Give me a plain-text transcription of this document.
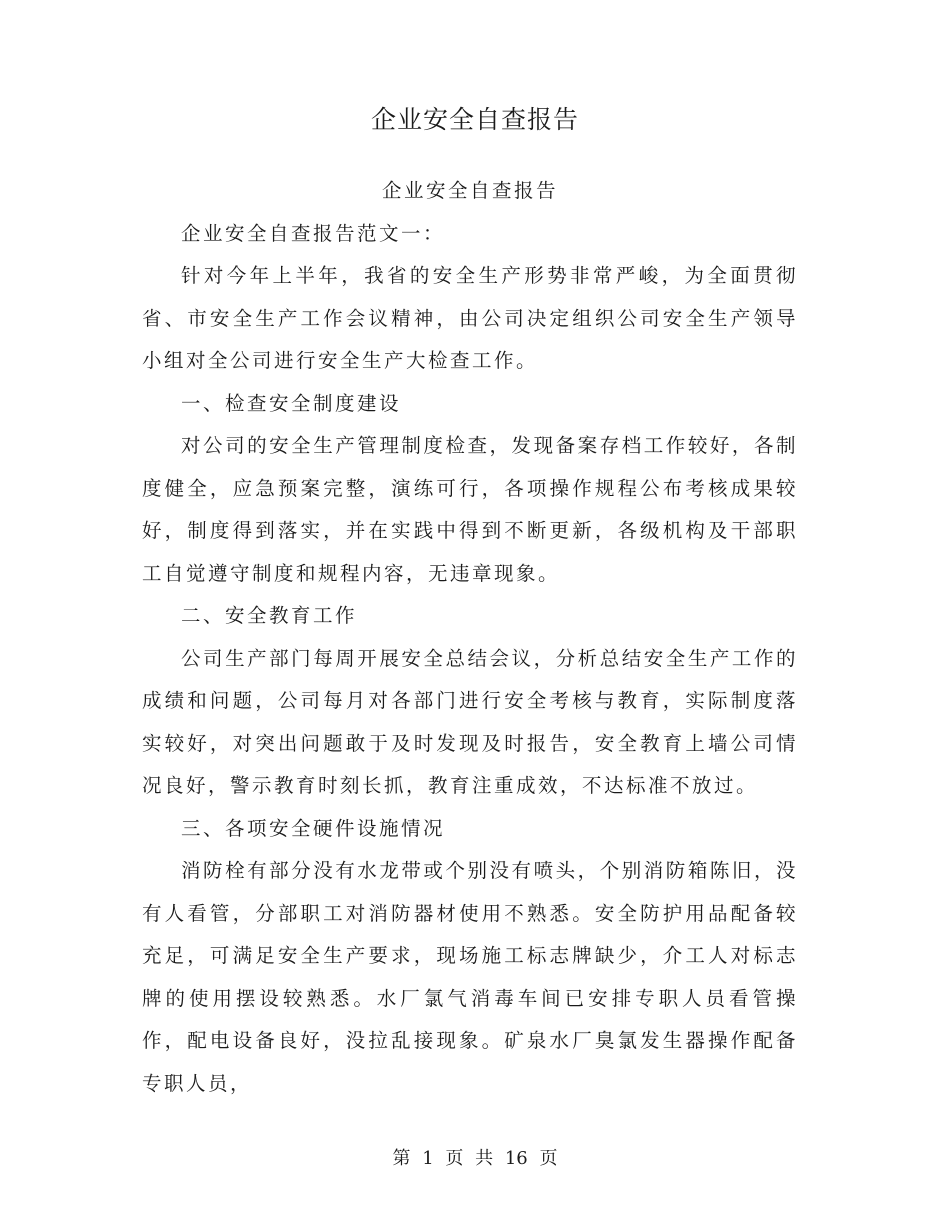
企业安全自查报告

企业安全自查报告

企业安全自查报告范文一：

针对今年上半年，我省的安全生产形势非常严峻，为全面贯彻省、市安全生产工作会议精神，由公司决定组织公司安全生产领导小组对全公司进行安全生产大检查工作。

一、检查安全制度建设

对公司的安全生产管理制度检查，发现备案存档工作较好，各制度健全，应急预案完整，演练可行，各项操作规程公布考核成果较好，制度得到落实，并在实践中得到不断更新，各级机构及干部职工自觉遵守制度和规程内容，无违章现象。

二、安全教育工作

公司生产部门每周开展安全总结会议，分析总结安全生产工作的成绩和问题，公司每月对各部门进行安全考核与教育，实际制度落实较好，对突出问题敢于及时发现及时报告，安全教育上墙公司情况良好，警示教育时刻长抓，教育注重成效，不达标准不放过。

三、各项安全硬件设施情况

消防栓有部分没有水龙带或个别没有喷头，个别消防箱陈旧，没有人看管，分部职工对消防器材使用不熟悉。安全防护用品配备较充足，可满足安全生产要求，现场施工标志牌缺少，介工人对标志牌的使用摆设较熟悉。水厂氯气消毒车间已安排专职人员看管操作，配电设备良好，没拉乱接现象。矿泉水厂臭氯发生器操作配备专职人员，

第 1 页 共 16 页
